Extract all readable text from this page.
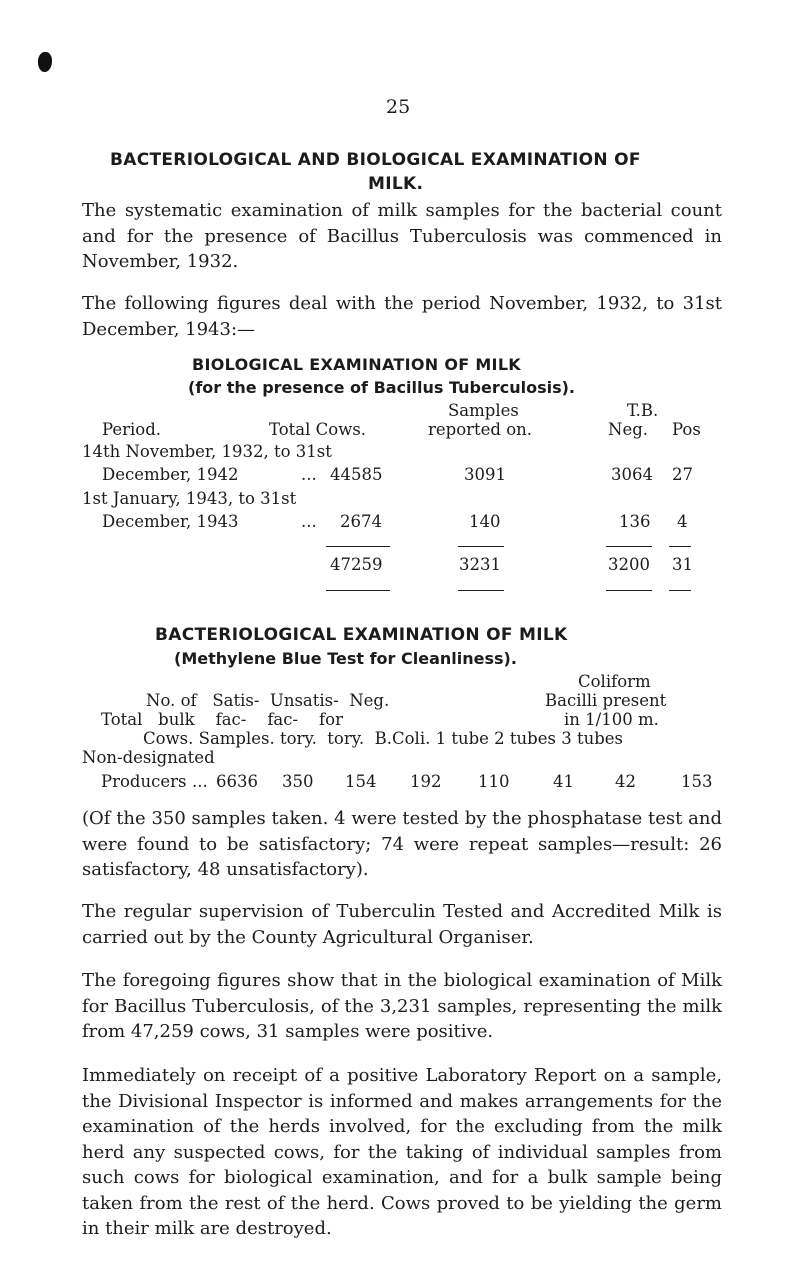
25
BACTERIOLOGICAL AND BIOLOGICAL EXAMINATION OF
MILK.
The systematic examination of milk samples for the bacterial count and for the presence of Bacillus Tuberculosis was commenced in November, 1932.
The following figures deal with the period November, 1932, to 31st December, 1943:—
BIOLOGICAL EXAMINATION OF MILK
(for the presence of Bacillus Tuberculosis).
Samples	T.B.
Period.	Total Cows.	reported on.	Neg. Pos
14th November, 1932, to 31st
December, 1942	... 44585	3091	3064 27
1st January, 1943, to 31st
December, 1943	... 2674	140	136 4
47259	3231	3200 31
BACTERIOLOGICAL EXAMINATION OF MILK
(Methylene Blue Test for Cleanliness).
Coliform
No. of   Satis-  Unsatis-  Neg.	Bacilli present
Total   bulk    fac-    fac-    for	in 1/100 m.
Cows. Samples. tory.  tory.  B.Coli. 1 tube 2 tubes 3 tubes
Non-designated
Producers ... 6636 350 154 192 110	41 42	153
(Of the 350 samples taken. 4 were tested by the phosphatase test and were found to be satisfactory; 74 were repeat samples—result: 26 satisfactory, 48 unsatisfactory).
The regular supervision of Tuberculin Tested and Accredited Milk is carried out by the County Agricultural Organiser.
The foregoing figures show that in the biological examination of Milk for Bacillus Tuberculosis, of the 3,231 samples, representing the milk from 47,259 cows, 31 samples were positive.
Immediately on receipt of a positive Laboratory Report on a sample, the Divisional Inspector is informed and makes arrangements for the examination of the herds involved, for the excluding from the milk herd any suspected cows, for the taking of individual samples from such cows for biological examination, and for a bulk sample being taken from the rest of the herd. Cows proved to be yielding the germ in their milk are destroyed.
